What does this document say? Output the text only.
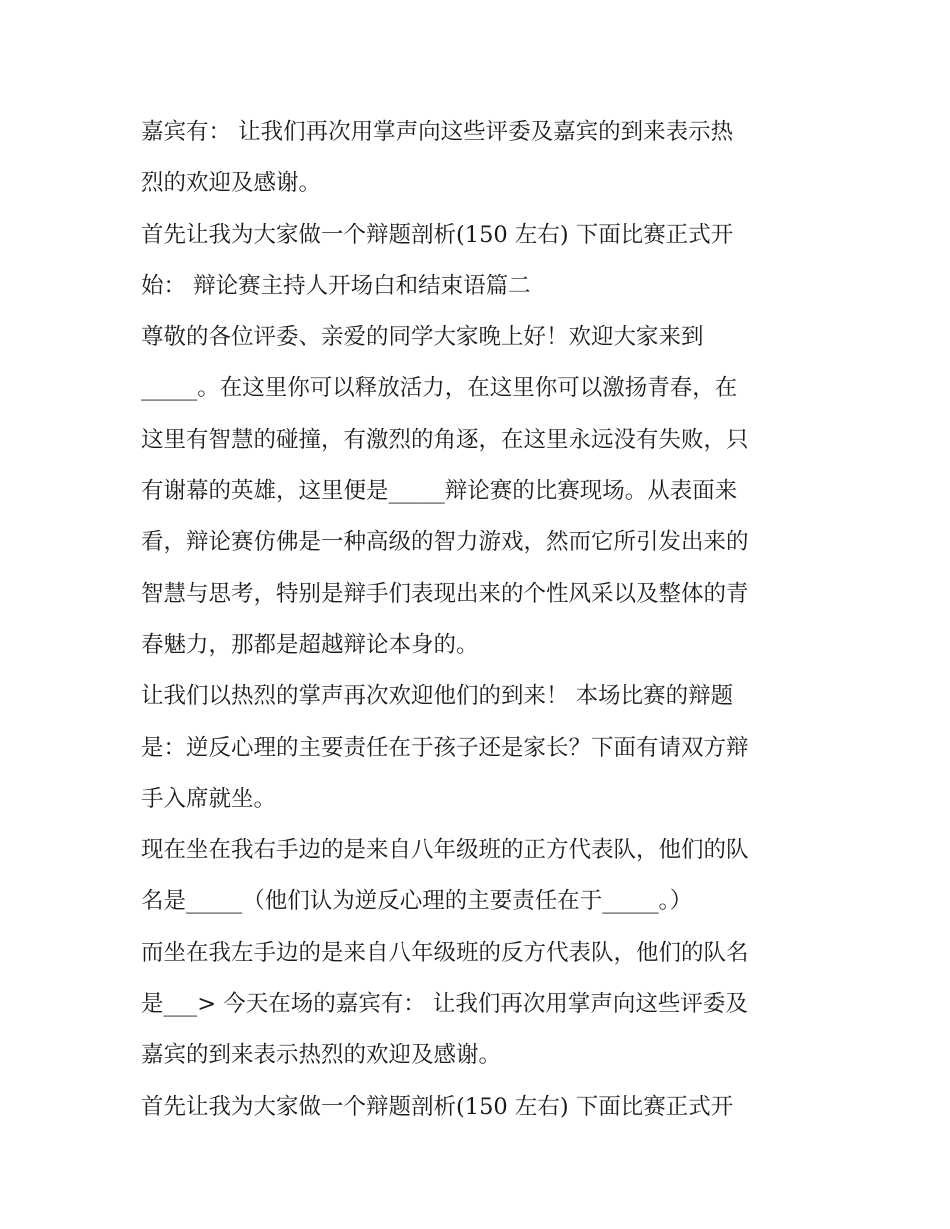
嘉宾有： 让我们再次用掌声向这些评委及嘉宾的到来表示热
烈的欢迎及感谢。
首先让我为大家做一个辩题剖析(150 左右) 下面比赛正式开
始： 辩论赛主持人开场白和结束语篇二
尊敬的各位评委、亲爱的同学大家晚上好！欢迎大家来到
_____。在这里你可以释放活力，在这里你可以激扬青春，在
这里有智慧的碰撞，有激烈的角逐，在这里永远没有失败，只
有谢幕的英雄，这里便是_____辩论赛的比赛现场。从表面来
看，辩论赛仿佛是一种高级的智力游戏，然而它所引发出来的
智慧与思考，特别是辩手们表现出来的个性风采以及整体的青
春魅力，那都是超越辩论本身的。
让我们以热烈的掌声再次欢迎他们的到来！ 本场比赛的辩题
是：逆反心理的主要责任在于孩子还是家长？下面有请双方辩
手入席就坐。
现在坐在我右手边的是来自八年级班的正方代表队，他们的队
名是_____（他们认为逆反心理的主要责任在于_____。）
而坐在我左手边的是来自八年级班的反方代表队，他们的队名
是___> 今天在场的嘉宾有： 让我们再次用掌声向这些评委及
嘉宾的到来表示热烈的欢迎及感谢。
首先让我为大家做一个辩题剖析(150 左右) 下面比赛正式开
